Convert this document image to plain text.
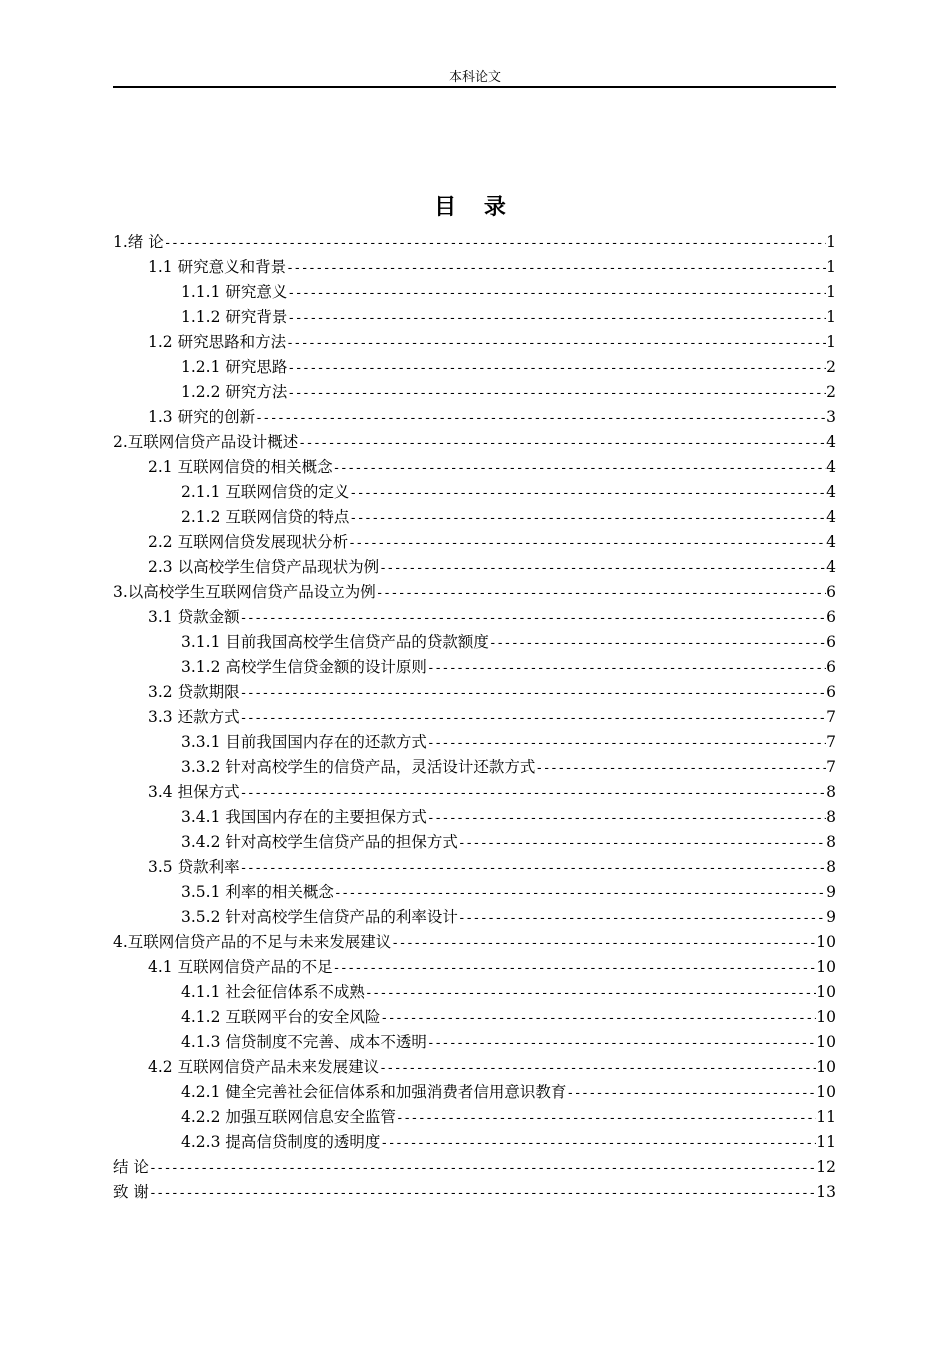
本科论文
目 录
1.绪 论 -----	1
1.1 研究意义和背景 -----	1
1.1.1 研究意义 -----	1
1.1.2 研究背景 -----	1
1.2 研究思路和方法 -----	1
1.2.1 研究思路 -----	2
1.2.2 研究方法 -----	2
1.3 研究的创新 -----	3
2.互联网信贷产品设计概述 -----	4
2.1 互联网信贷的相关概念 -----	4
2.1.1 互联网信贷的定义 -----	4
2.1.2 互联网信贷的特点 -----	4
2.2 互联网信贷发展现状分析 -----	4
2.3 以高校学生信贷产品现状为例 -----	4
3.以高校学生互联网信贷产品设立为例 -----	6
3.1 贷款金额 -----	6
3.1.1 目前我国高校学生信贷产品的贷款额度 -----	6
3.1.2 高校学生信贷金额的设计原则 -----	6
3.2 贷款期限 -----	6
3.3 还款方式 -----	7
3.3.1 目前我国国内存在的还款方式 -----	7
3.3.2 针对高校学生的信贷产品，灵活设计还款方式 -----	7
3.4 担保方式 -----	8
3.4.1 我国国内存在的主要担保方式 -----	8
3.4.2 针对高校学生信贷产品的担保方式 -----	8
3.5 贷款利率 -----	8
3.5.1 利率的相关概念 -----	9
3.5.2 针对高校学生信贷产品的利率设计 -----	9
4.互联网信贷产品的不足与未来发展建议 -----	10
4.1 互联网信贷产品的不足 -----	10
4.1.1 社会征信体系不成熟 -----	10
4.1.2 互联网平台的安全风险 -----	10
4.1.3 信贷制度不完善、成本不透明 -----	10
4.2 互联网信贷产品未来发展建议 -----	10
4.2.1 健全完善社会征信体系和加强消费者信用意识教育 -----	10
4.2.2 加强互联网信息安全监管 -----	11
4.2.3 提高信贷制度的透明度 -----	11
结 论 -----	12
致 谢 -----	13
